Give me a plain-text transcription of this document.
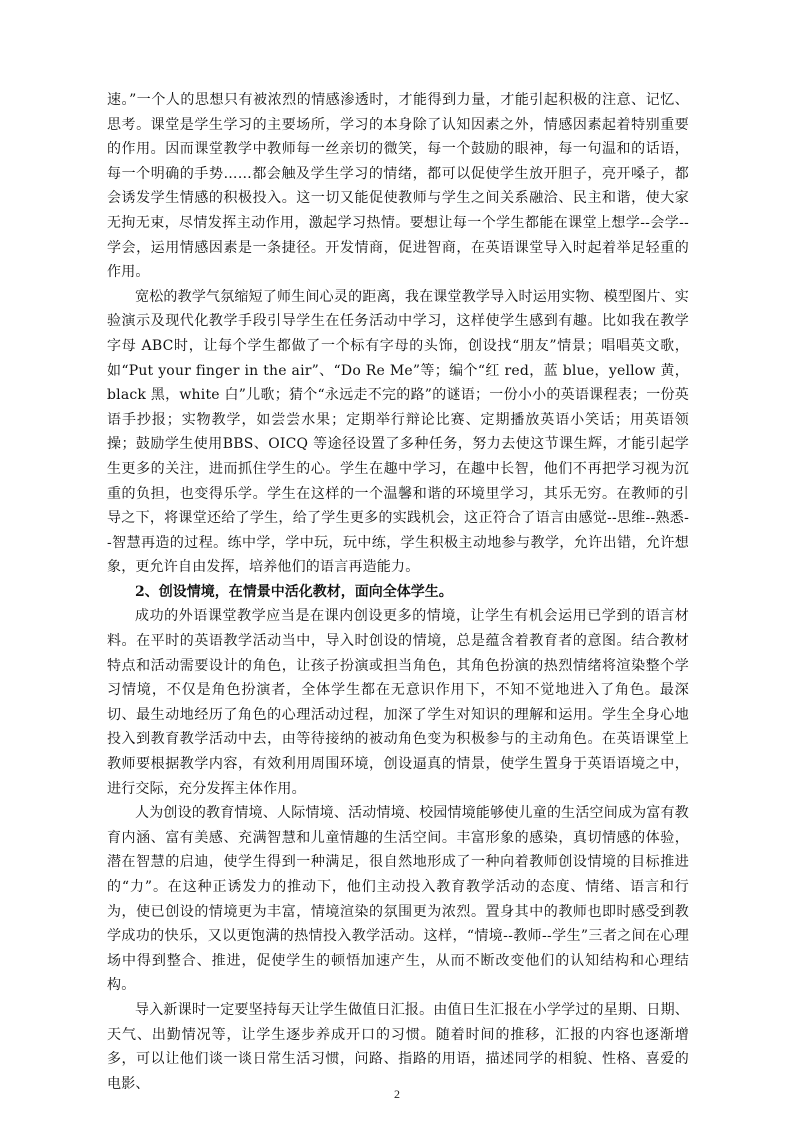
速。”一个人的思想只有被浓烈的情感渗透时，才能得到力量，才能引起积极的注意、记忆、思考。课堂是学生学习的主要场所，学习的本身除了认知因素之外，情感因素起着特别重要的作用。因而课堂教学中教师每一丝亲切的微笑，每一个鼓励的眼神，每一句温和的话语，每一个明确的手势……都会触及学生学习的情绪，都可以促使学生放开胆子，亮开嗓子，都会诱发学生情感的积极投入。这一切又能促使教师与学生之间关系融洽、民主和谐，使大家无拘无束，尽情发挥主动作用，激起学习热情。要想让每一个学生都能在课堂上想学--会学--学会，运用情感因素是一条捷径。开发情商，促进智商，在英语课堂导入时起着举足轻重的作用。

宽松的教学气氛缩短了师生间心灵的距离，我在课堂教学导入时运用实物、模型图片、实验演示及现代化教学手段引导学生在任务活动中学习，这样使学生感到有趣。比如我在教学字母 ABC时，让每个学生都做了一个标有字母的头饰，创设找“朋友”情景；唱唱英文歌，如“Put your finger in the air”、“Do Re Me”等；编个“红 red，蓝 blue，yellow 黄，black 黑，white 白”儿歌；猜个“永远走不完的路”的谜语；一份小小的英语课程表；一份英语手抄报；实物教学，如尝尝水果；定期举行辩论比赛、定期播放英语小笑话；用英语领操；鼓励学生使用BBS、OICQ 等途径设置了多种任务，努力去使这节课生辉，才能引起学生更多的关注，进而抓住学生的心。学生在趣中学习，在趣中长智，他们不再把学习视为沉重的负担，也变得乐学。学生在这样的一个温馨和谐的环境里学习，其乐无穷。在教师的引导之下，将课堂还给了学生，给了学生更多的实践机会，这正符合了语言由感觉--思维--熟悉--智慧再造的过程。练中学，学中玩，玩中练，学生积极主动地参与教学，允许出错，允许想象，更允许自由发挥，培养他们的语言再造能力。

2、创设情境，在情景中活化教材，面向全体学生。

成功的外语课堂教学应当是在课内创设更多的情境，让学生有机会运用已学到的语言材料。在平时的英语教学活动当中，导入时创设的情境，总是蕴含着教育者的意图。结合教材特点和活动需要设计的角色，让孩子扮演或担当角色，其角色扮演的热烈情绪将渲染整个学习情境，不仅是角色扮演者，全体学生都在无意识作用下，不知不觉地进入了角色。最深切、最生动地经历了角色的心理活动过程，加深了学生对知识的理解和运用。学生全身心地投入到教育教学活动中去，由等待接纳的被动角色变为积极参与的主动角色。在英语课堂上教师要根据教学内容，有效利用周围环境，创设逼真的情景，使学生置身于英语语境之中，进行交际，充分发挥主体作用。

人为创设的教育情境、人际情境、活动情境、校园情境能够使儿童的生活空间成为富有教育内涵、富有美感、充满智慧和儿童情趣的生活空间。丰富形象的感染，真切情感的体验，潜在智慧的启迪，使学生得到一种满足，很自然地形成了一种向着教师创设情境的目标推进的“力”。在这种正诱发力的推动下，他们主动投入教育教学活动的态度、情绪、语言和行为，使已创设的情境更为丰富，情境渲染的氛围更为浓烈。置身其中的教师也即时感受到教学成功的快乐，又以更饱满的热情投入教学活动。这样，“情境--教师--学生”三者之间在心理场中得到整合、推进，促使学生的顿悟加速产生，从而不断改变他们的认知结构和心理结构。

导入新课时一定要坚持每天让学生做值日汇报。由值日生汇报在小学学过的星期、日期、天气、出勤情况等，让学生逐步养成开口的习惯。随着时间的推移，汇报的内容也逐渐增多，可以让他们谈一谈日常生活习惯，问路、指路的用语，描述同学的相貌、性格、喜爱的电影、

2
